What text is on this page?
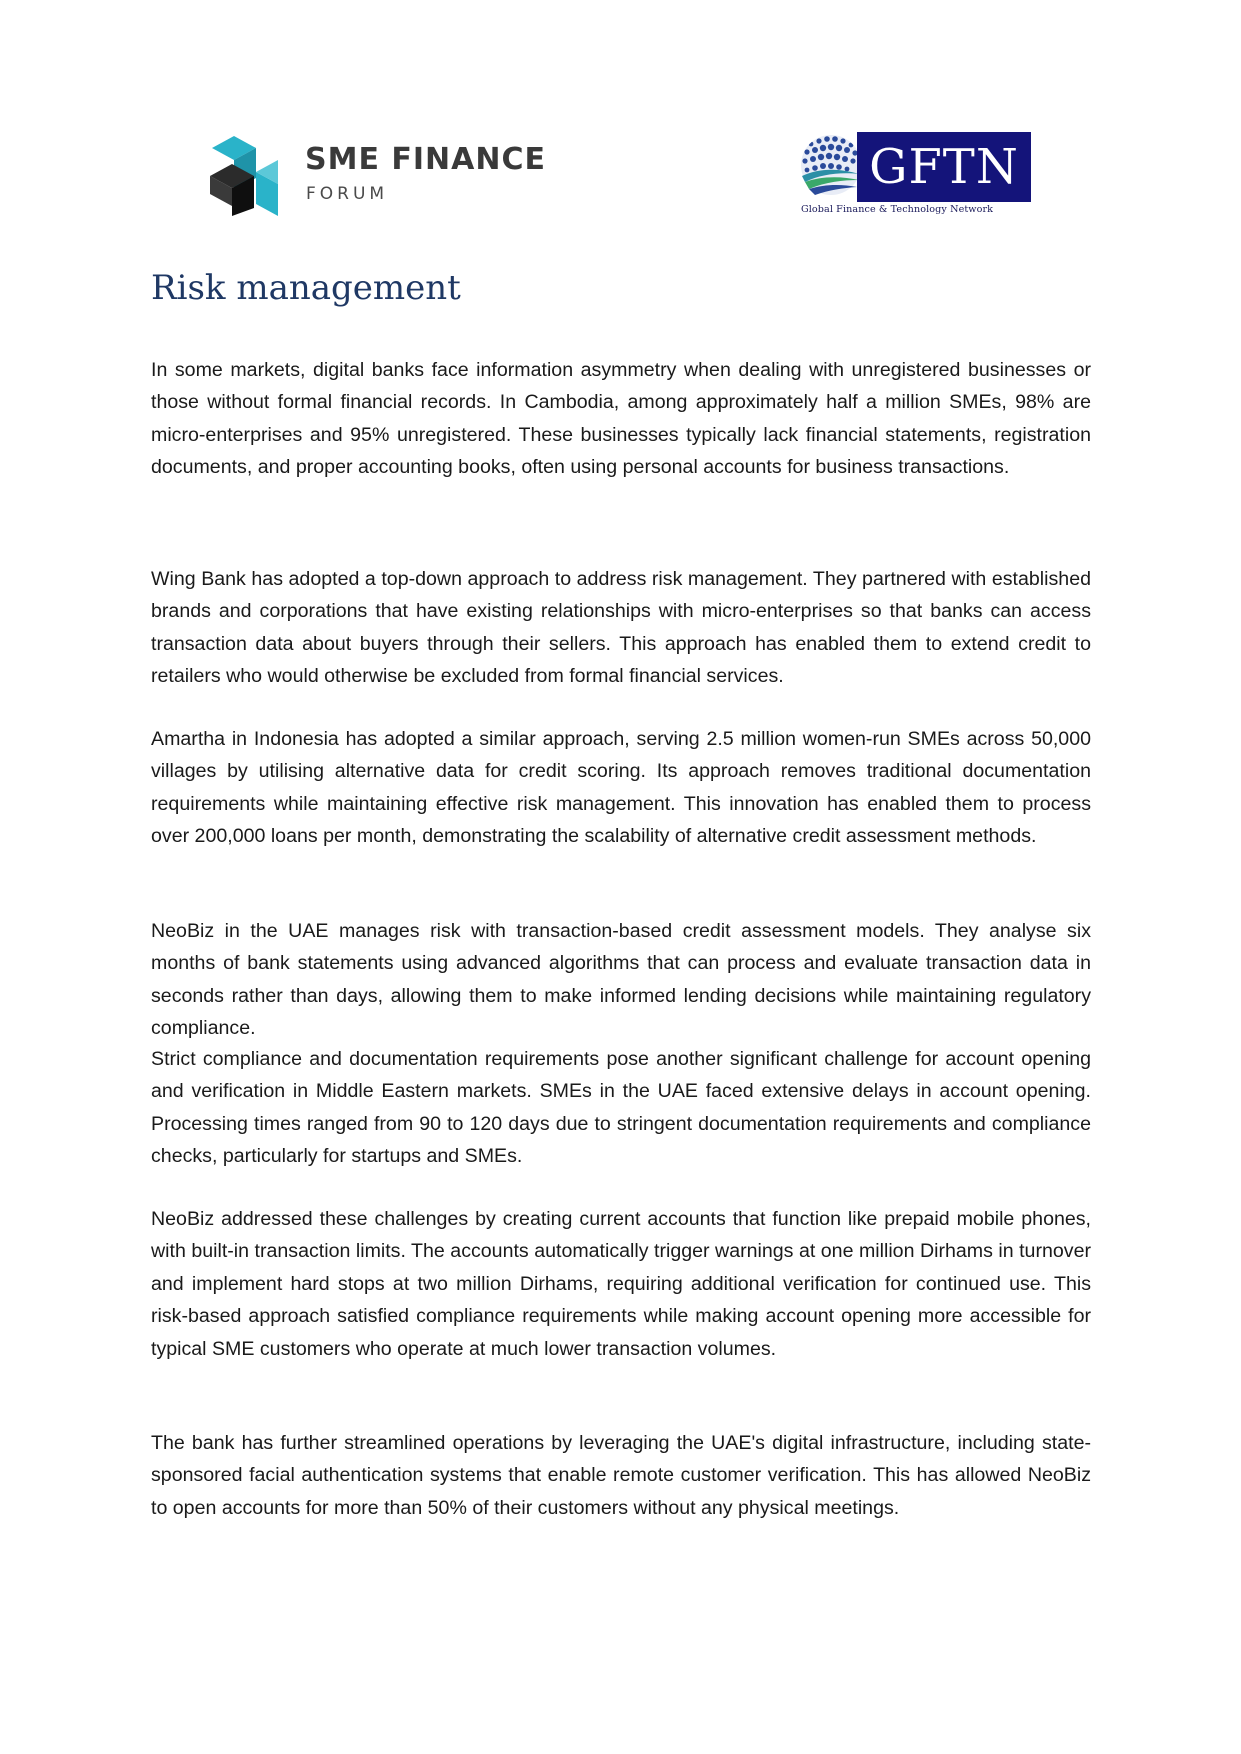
SME FINANCE
FORUM	GFTN
Global Finance & Technology Network
Risk management

In some markets, digital banks face information asymmetry when dealing with unregistered businesses or those without formal financial records. In Cambodia, among approximately half a million SMEs, 98% are micro-enterprises and 95% unregistered. These businesses typically lack financial statements, registration documents, and proper accounting books, often using personal accounts for business transactions.

Wing Bank has adopted a top-down approach to address risk management. They partnered with established brands and corporations that have existing relationships with micro-enterprises so that banks can access transaction data about buyers through their sellers. This approach has enabled them to extend credit to retailers who would otherwise be excluded from formal financial services.

Amartha in Indonesia has adopted a similar approach, serving 2.5 million women-run SMEs across 50,000 villages by utilising alternative data for credit scoring. Its approach removes traditional documentation requirements while maintaining effective risk management. This innovation has enabled them to process over 200,000 loans per month, demonstrating the scalability of alternative credit assessment methods.

NeoBiz in the UAE manages risk with transaction-based credit assessment models. They analyse six months of bank statements using advanced algorithms that can process and evaluate transaction data in seconds rather than days, allowing them to make informed lending decisions while maintaining regulatory compliance.

Strict compliance and documentation requirements pose another significant challenge for account opening and verification in Middle Eastern markets. SMEs in the UAE faced extensive delays in account opening. Processing times ranged from 90 to 120 days due to stringent documentation requirements and compliance checks, particularly for startups and SMEs.

NeoBiz addressed these challenges by creating current accounts that function like prepaid mobile phones, with built-in transaction limits. The accounts automatically trigger warnings at one million Dirhams in turnover and implement hard stops at two million Dirhams, requiring additional verification for continued use. This risk-based approach satisfied compliance requirements while making account opening more accessible for typical SME customers who operate at much lower transaction volumes.

The bank has further streamlined operations by leveraging the UAE's digital infrastructure, including state-sponsored facial authentication systems that enable remote customer verification. This has allowed NeoBiz to open accounts for more than 50% of their customers without any physical meetings.
